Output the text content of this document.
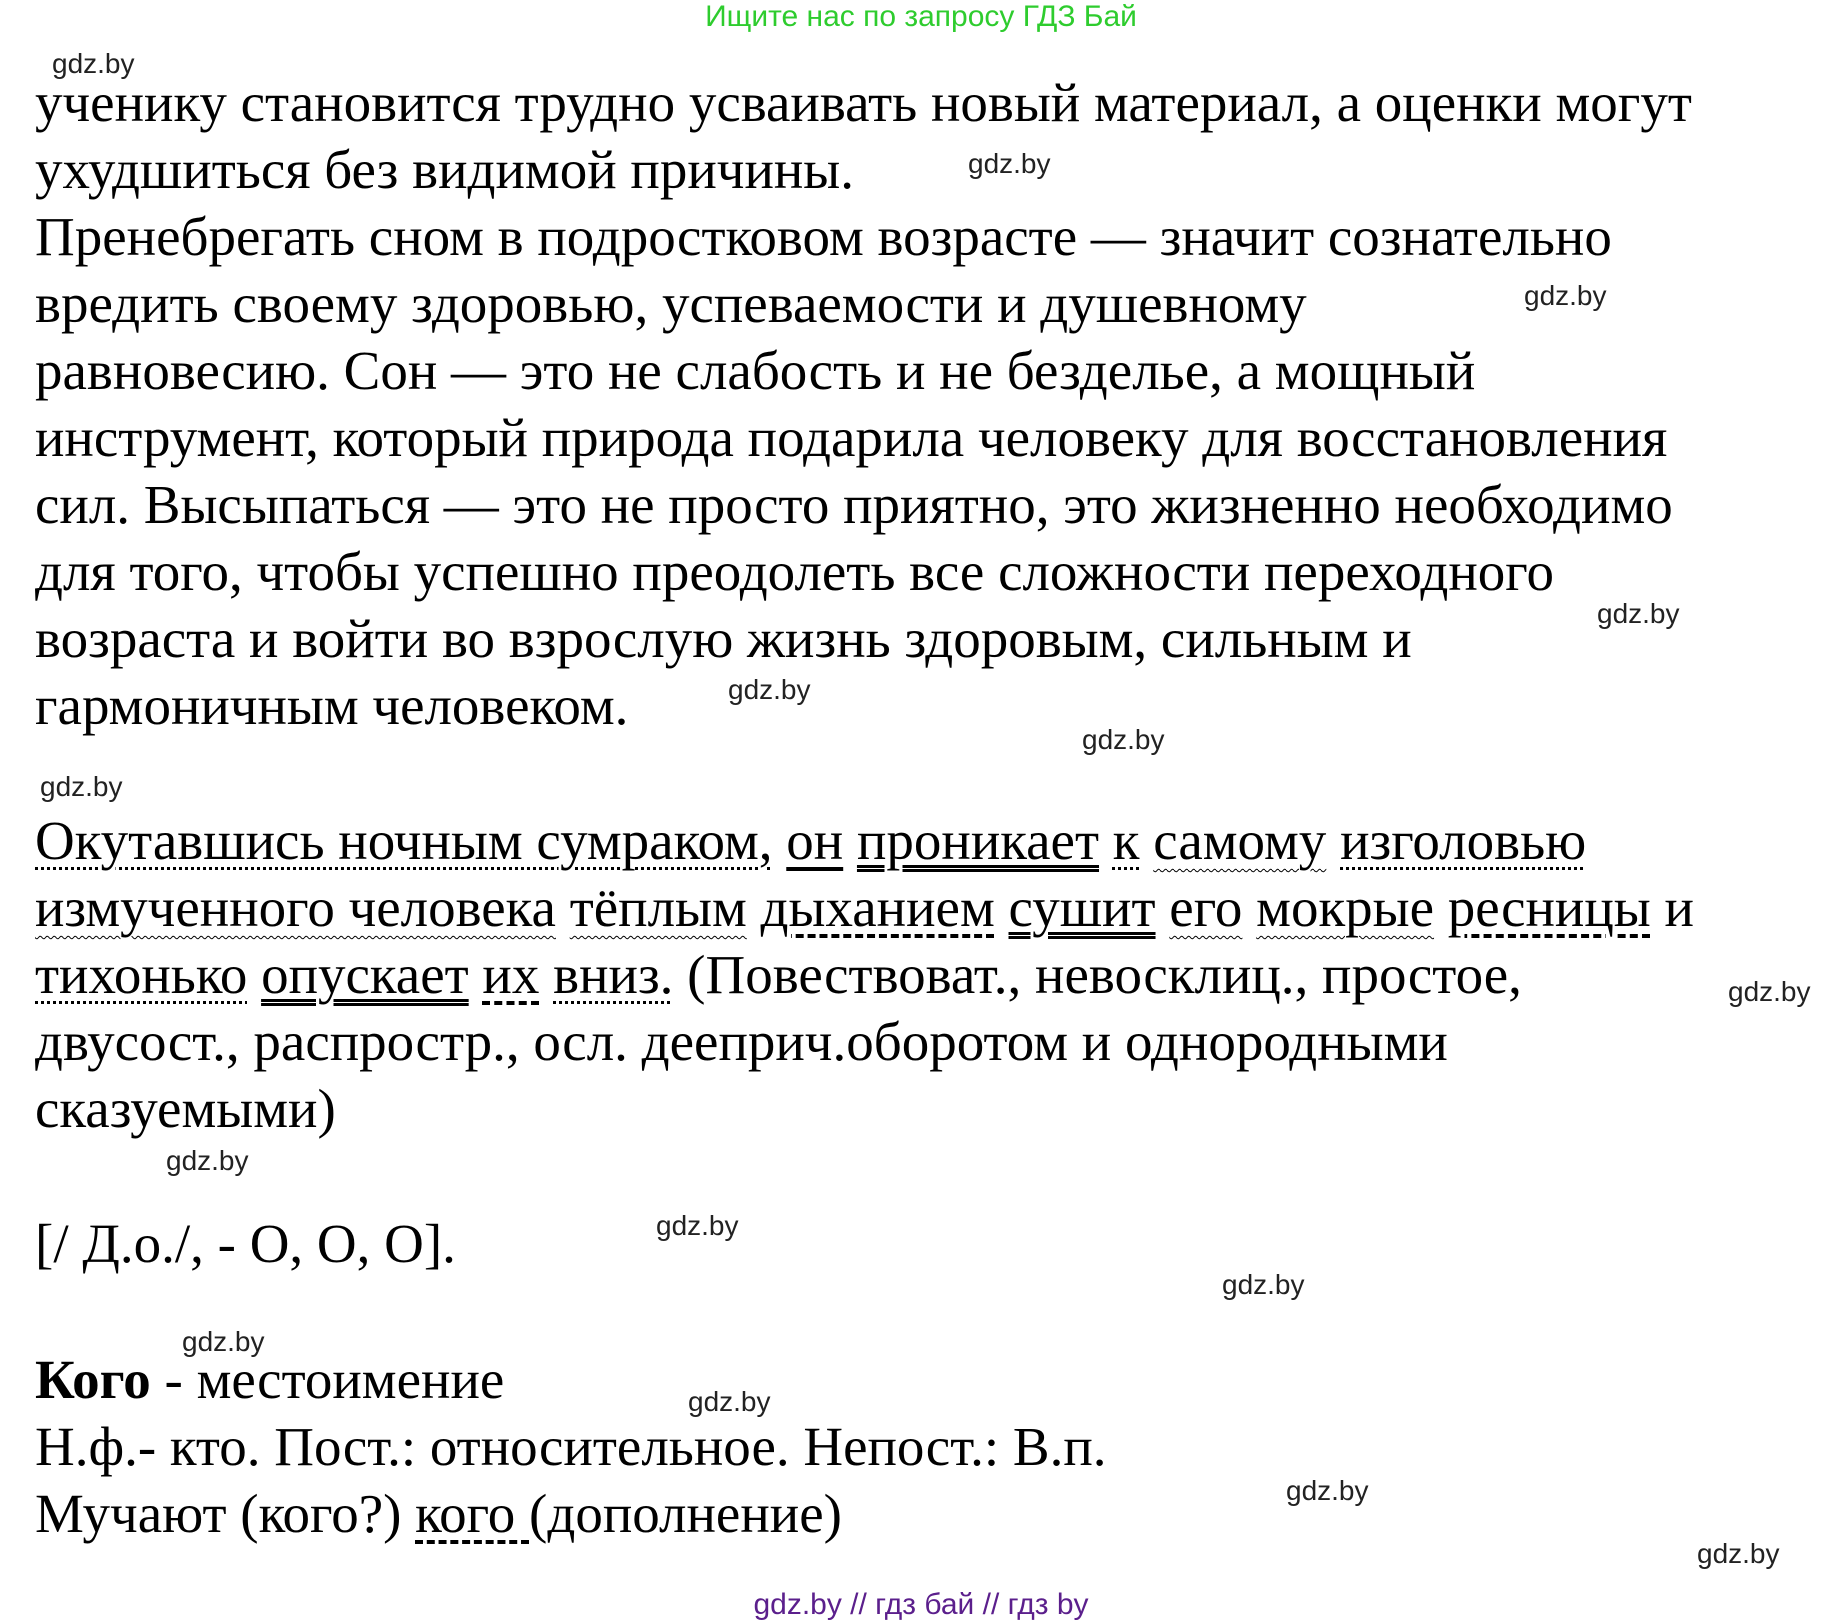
Ищите нас по запросу ГДЗ Бай
ученику становится трудно усваивать новый материал, а оценки могут
ухудшиться без видимой причины.
Пренебрегать сном в подростковом возрасте — значит сознательно
вредить своему здоровью, успеваемости и душевному
равновесию. Сон — это не слабость и не безделье, а мощный
инструмент, который природа подарила человеку для восстановления
сил. Высыпаться — это не просто приятно, это жизненно необходимо
для того, чтобы успешно преодолеть все сложности переходного
возраста и войти во взрослую жизнь здоровым, сильным и
гармоничным человеком.
Окутавшись ночным сумраком, он проникает к самому изголовью
измученного человека тёплым дыханием сушит его мокрые ресницы и
тихонько опускает их вниз. (Повествоват., невосклиц., простое,
двусост., распростр., осл. дееприч.оборотом и однородными
сказуемыми)
[/ Д.о./, - О, О, О].
Кого - местоимение
Н.ф.- кто. Пост.: относительное. Непост.: В.п.
Мучают (кого?) кого (дополнение)
gdz.by
gdz.by
gdz.by
gdz.by
gdz.by
gdz.by
gdz.by
gdz.by
gdz.by
gdz.by
gdz.by
gdz.by
gdz.by
gdz.by
gdz.by
gdz.by // гдз бай // гдз by
